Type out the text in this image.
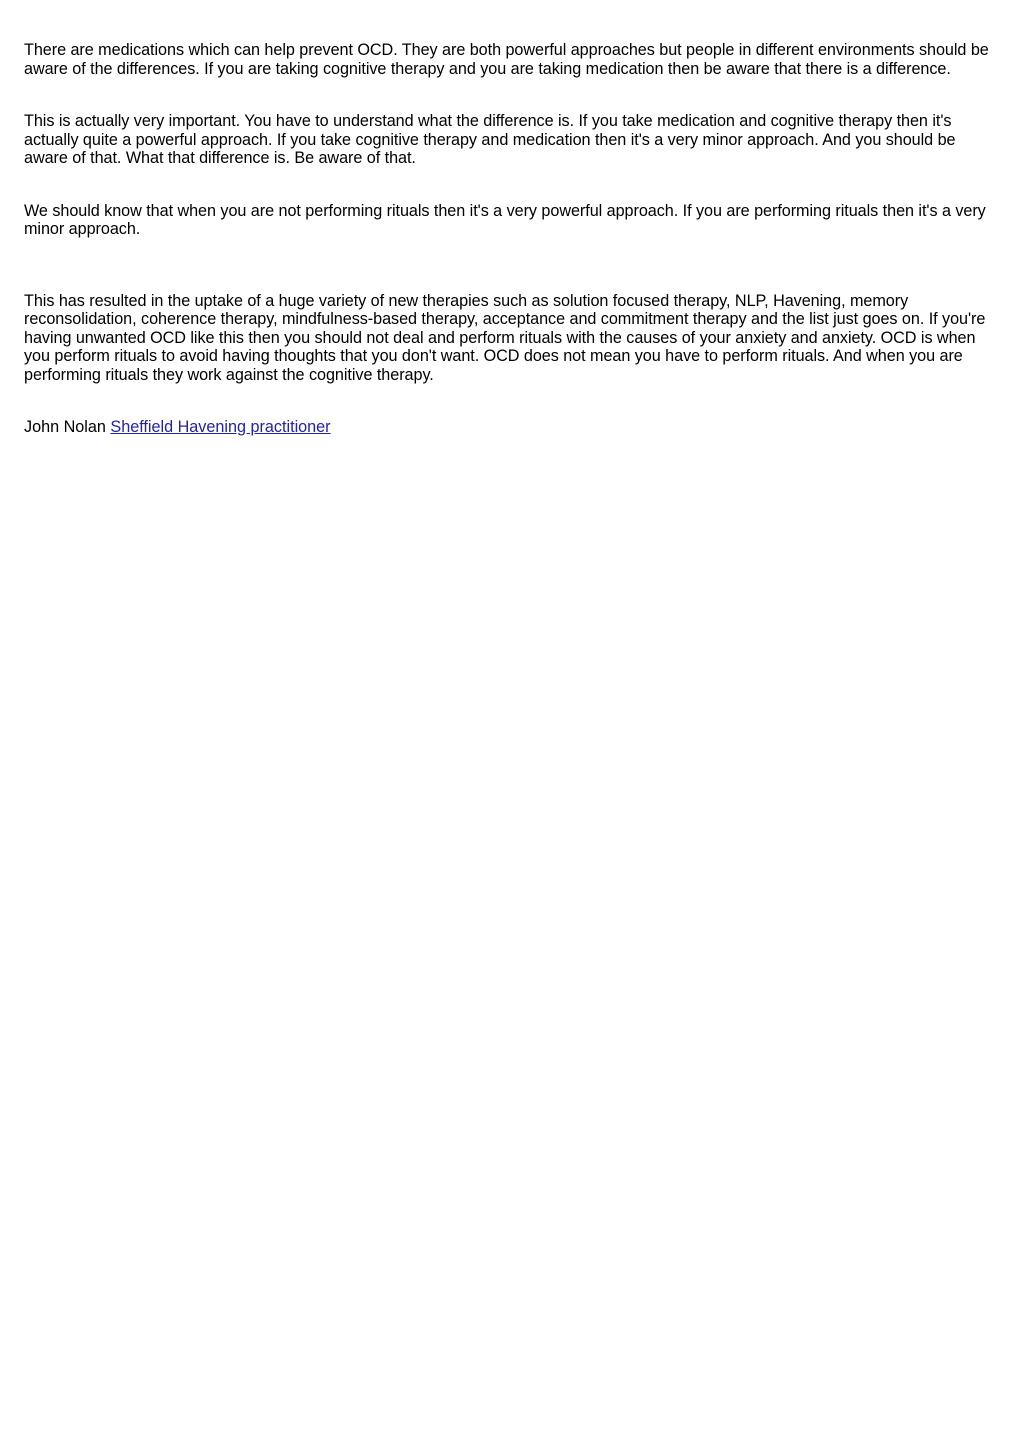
There are medications which can help prevent OCD. They are both powerful approaches but people in different environments should be aware of the differences. If you are taking cognitive therapy and you are taking medication then be aware that there is a difference.

This is actually very important. You have to understand what the difference is. If you take medication and cognitive therapy then it's actually quite a powerful approach. If you take cognitive therapy and medication then it's a very minor approach. And you should be aware of that. What that difference is. Be aware of that.

We should know that when you are not performing rituals then it's a very powerful approach. If you are performing rituals then it's a very minor approach.

This has resulted in the uptake of a huge variety of new therapies such as solution focused therapy, NLP, Havening, memory reconsolidation, coherence therapy, mindfulness-based therapy, acceptance and commitment therapy and the list just goes on. If you're having unwanted OCD like this then you should not deal and perform rituals with the causes of your anxiety and anxiety. OCD is when you perform rituals to avoid having thoughts that you don't want. OCD does not mean you have to perform rituals. And when you are performing rituals they work against the cognitive therapy.

John Nolan Sheffield Havening practitioner
